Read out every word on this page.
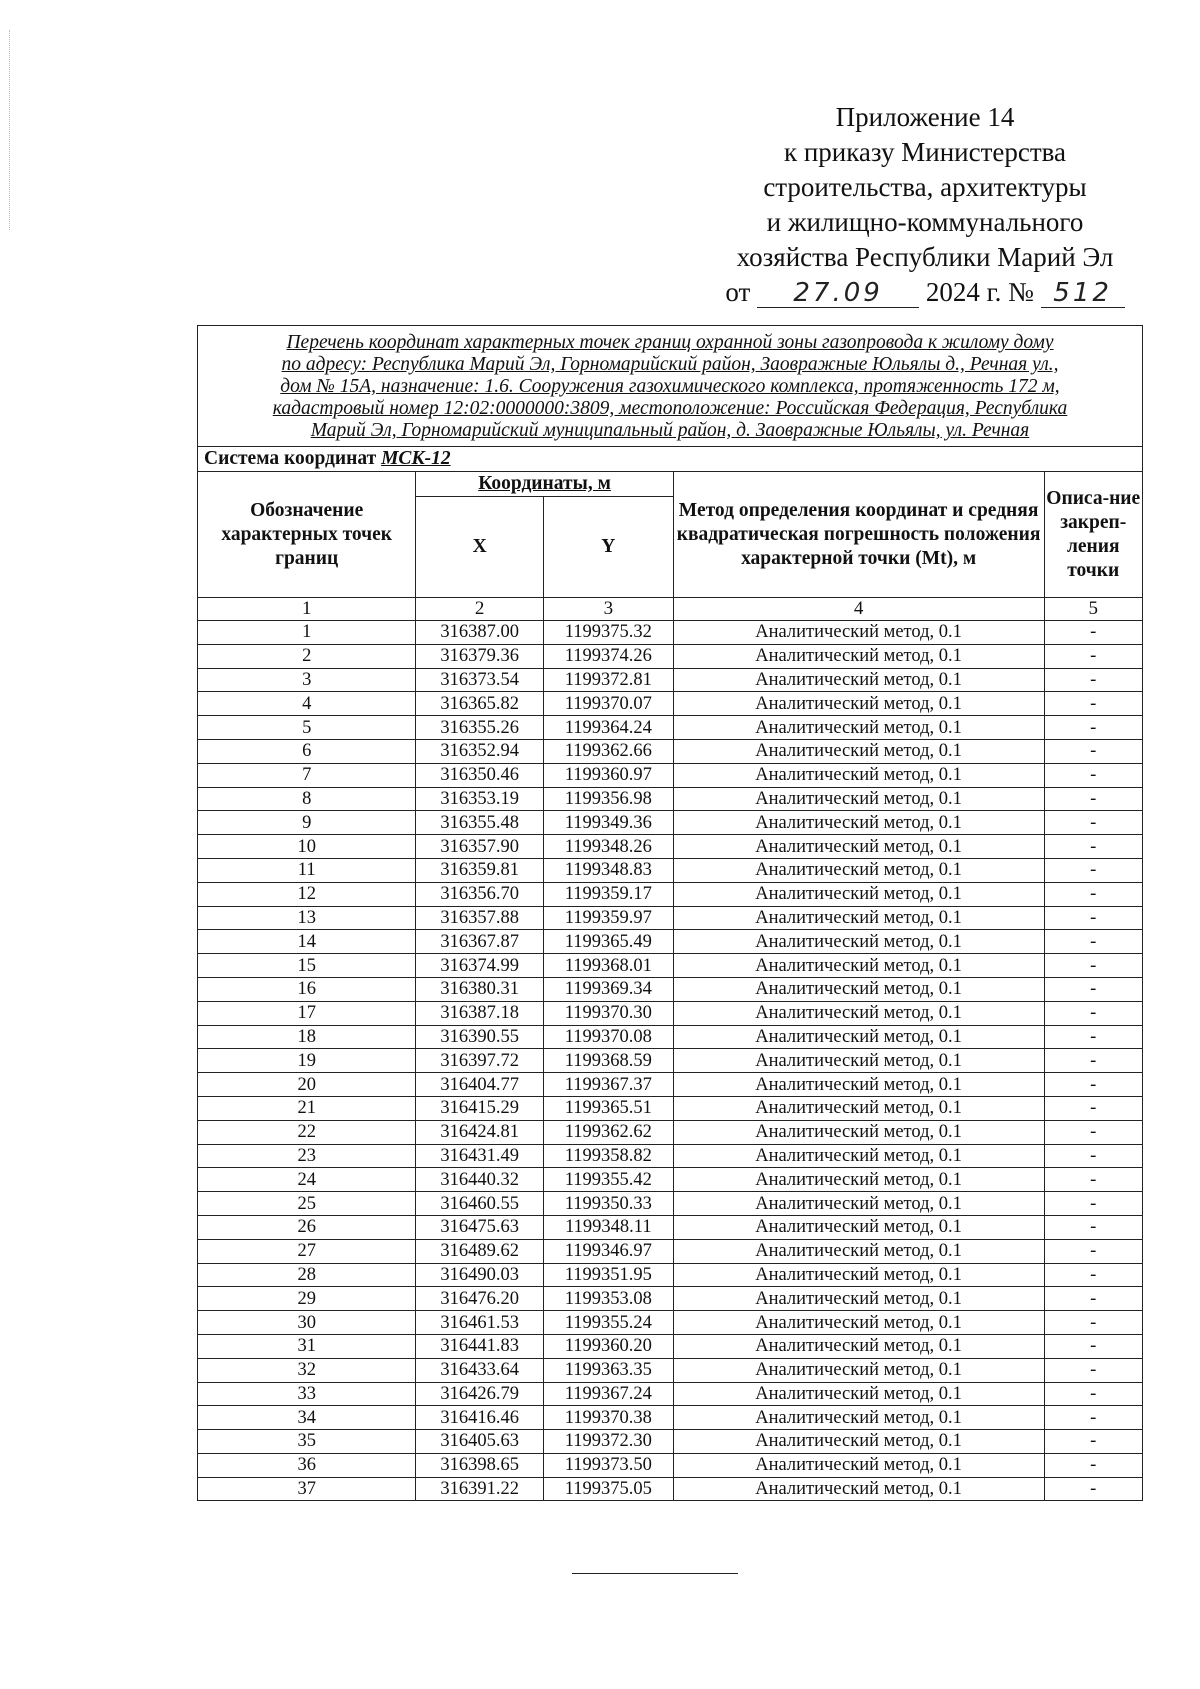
Приложение 14
к приказу Министерства
строительства, архитектуры
и жилищно-коммунального
хозяйства Республики Марий Эл
от 27.09 2024 г. № 512
Перечень координат характерных точек границ охранной зоны газопровода к жилому дому
по адресу: Республика Марий Эл, Горномарийский район, Заовражные Юльялы д., Речная ул.,
дом № 15А, назначение: 1.6. Сооружения газохимического комплекса, протяженность 172 м,
кадастровый номер 12:02:0000000:3809, местоположение: Российская Федерация, Республика
Марий Эл, Горномарийский муниципальный район, д. Заовражные Юльялы, ул. Речная				

Система координат МСК-12				
Обозначение характерных точек границ	Координаты, м		Метод определения координат и средняя квадратическая погрешность положения характерной точки (Mt), м	Описа-ние закреп-ления точки
	X	Y		
1	2	3	4	5
1	316387.00	1199375.32	Аналитический метод, 0.1	-
2	316379.36	1199374.26	Аналитический метод, 0.1	-
3	316373.54	1199372.81	Аналитический метод, 0.1	-
4	316365.82	1199370.07	Аналитический метод, 0.1	-
5	316355.26	1199364.24	Аналитический метод, 0.1	-
6	316352.94	1199362.66	Аналитический метод, 0.1	-
7	316350.46	1199360.97	Аналитический метод, 0.1	-
8	316353.19	1199356.98	Аналитический метод, 0.1	-
9	316355.48	1199349.36	Аналитический метод, 0.1	-
10	316357.90	1199348.26	Аналитический метод, 0.1	-
11	316359.81	1199348.83	Аналитический метод, 0.1	-
12	316356.70	1199359.17	Аналитический метод, 0.1	-
13	316357.88	1199359.97	Аналитический метод, 0.1	-
14	316367.87	1199365.49	Аналитический метод, 0.1	-
15	316374.99	1199368.01	Аналитический метод, 0.1	-
16	316380.31	1199369.34	Аналитический метод, 0.1	-
17	316387.18	1199370.30	Аналитический метод, 0.1	-
18	316390.55	1199370.08	Аналитический метод, 0.1	-
19	316397.72	1199368.59	Аналитический метод, 0.1	-
20	316404.77	1199367.37	Аналитический метод, 0.1	-
21	316415.29	1199365.51	Аналитический метод, 0.1	-
22	316424.81	1199362.62	Аналитический метод, 0.1	-
23	316431.49	1199358.82	Аналитический метод, 0.1	-
24	316440.32	1199355.42	Аналитический метод, 0.1	-
25	316460.55	1199350.33	Аналитический метод, 0.1	-
26	316475.63	1199348.11	Аналитический метод, 0.1	-
27	316489.62	1199346.97	Аналитический метод, 0.1	-
28	316490.03	1199351.95	Аналитический метод, 0.1	-
29	316476.20	1199353.08	Аналитический метод, 0.1	-
30	316461.53	1199355.24	Аналитический метод, 0.1	-
31	316441.83	1199360.20	Аналитический метод, 0.1	-
32	316433.64	1199363.35	Аналитический метод, 0.1	-
33	316426.79	1199367.24	Аналитический метод, 0.1	-
34	316416.46	1199370.38	Аналитический метод, 0.1	-
35	316405.63	1199372.30	Аналитический метод, 0.1	-
36	316398.65	1199373.50	Аналитический метод, 0.1	-
37	316391.22	1199375.05	Аналитический метод, 0.1	-
